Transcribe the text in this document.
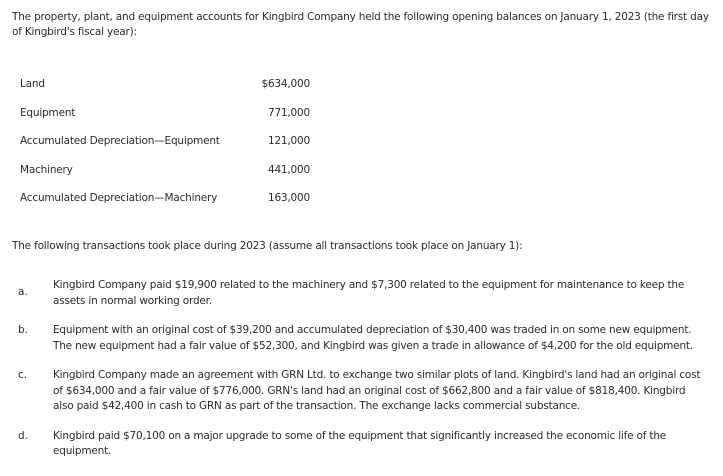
The property, plant, and equipment accounts for Kingbird Company held the following opening balances on January 1, 2023 (the first day of Kingbird's fiscal year):
Land	$634,000
Equipment	771,000
Accumulated Depreciation—Equipment	121,000
Machinery	441,000
Accumulated Depreciation—Machinery	163,000
The following transactions took place during 2023 (assume all transactions took place on January 1):
a.
Kingbird Company paid $19,900 related to the machinery and $7,300 related to the equipment for maintenance to keep the assets in normal working order.
b.	Equipment with an original cost of $39,200 and accumulated depreciation of $30,400 was traded in on some new equipment. The new equipment had a fair value of $52,300, and Kingbird was given a trade in allowance of $4,200 for the old equipment.
c.	Kingbird Company made an agreement with GRN Ltd. to exchange two similar plots of land. Kingbird's land had an original cost of $634,000 and a fair value of $776,000. GRN's land had an original cost of $662,800 and a fair value of $818,400. Kingbird also paid $42,400 in cash to GRN as part of the transaction. The exchange lacks commercial substance.
d.	Kingbird paid $70,100 on a major upgrade to some of the equipment that significantly increased the economic life of the equipment.
